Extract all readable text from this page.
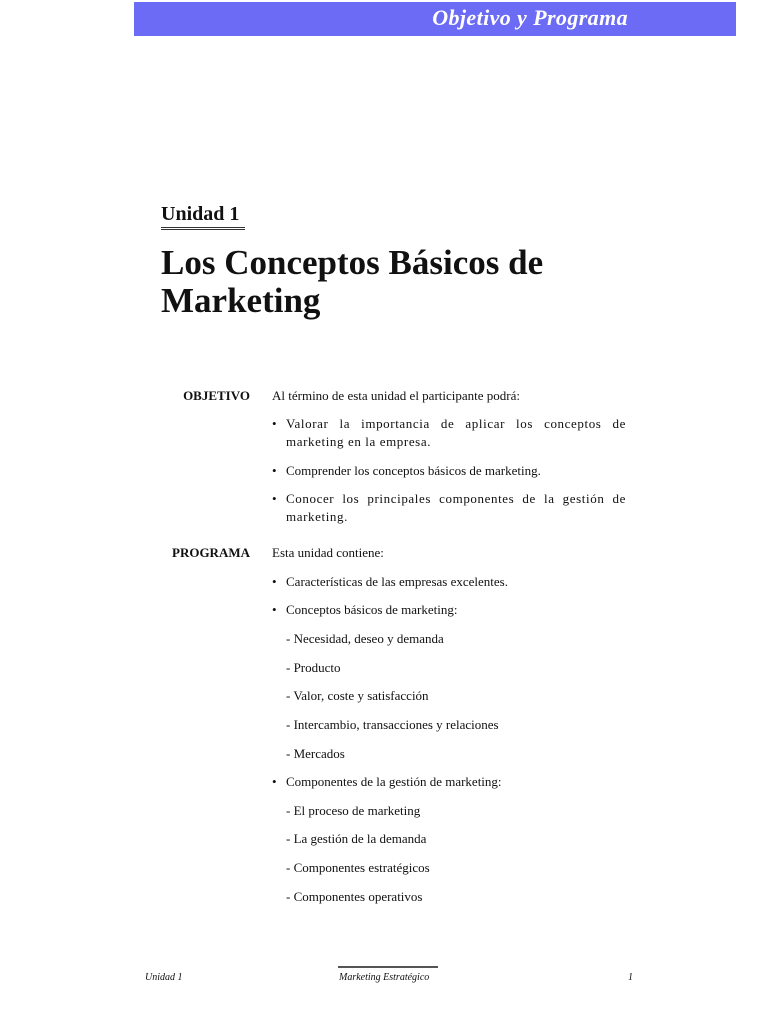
Objetivo y Programa
Unidad 1
Los Conceptos Básicos de Marketing
OBJETIVO Al término de esta unidad el participante podrá:
• Valorar la importancia de aplicar los conceptos de marketing en la empresa.
• Comprender los conceptos básicos de marketing.
• Conocer los principales componentes de la gestión de marketing.
PROGRAMA Esta unidad contiene:
• Características de las empresas excelentes.
• Conceptos básicos de marketing:
- Necesidad, deseo y demanda
- Producto
- Valor, coste y satisfacción
- Intercambio, transacciones y relaciones
- Mercados
• Componentes de la gestión de marketing:
- El proceso de marketing
- La gestión de la demanda
- Componentes estratégicos
- Componentes operativos
Unidad 1	Marketing Estratégico	1
